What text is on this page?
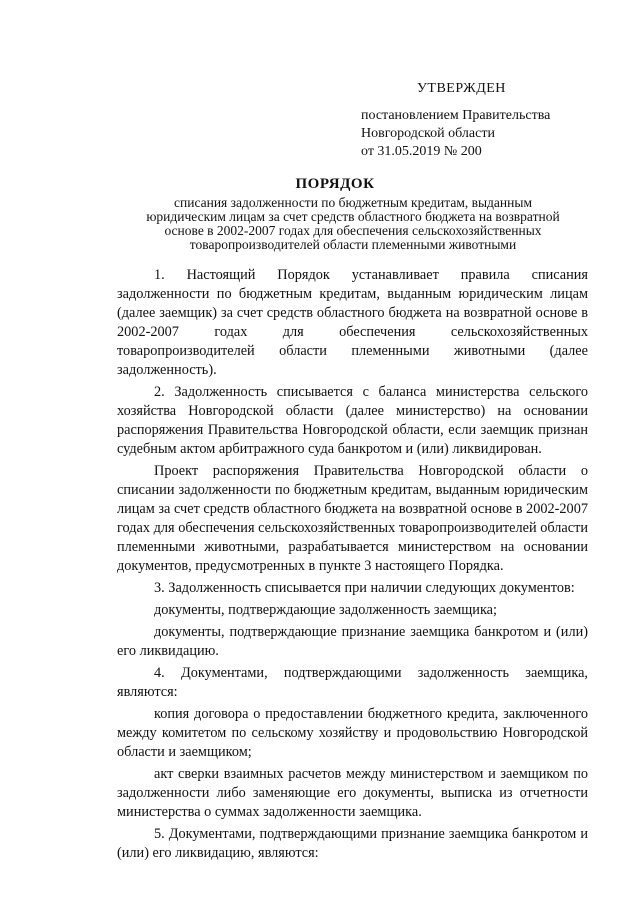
УТВЕРЖДЕН
постановлением Правительства
Новгородской области
от 31.05.2019 № 200
ПОРЯДОК
списания задолженности по бюджетным кредитам, выданным
юридическим лицам за счет средств областного бюджета на возвратной
основе в 2002-2007 годах для обеспечения сельскохозяйственных
товаропроизводителей области племенными животными

1. Настоящий Порядок устанавливает правила списания задолженности по бюджетным кредитам, выданным юридическим лицам (далее заемщик) за счет средств областного бюджета на возвратной основе в 2002-2007 годах для обеспечения сельскохозяйственных товаропроизводителей области племенными животными (далее задолженность).

2. Задолженность списывается с баланса министерства сельского хозяйства Новгородской области (далее министерство) на основании распоряжения Правительства Новгородской области, если заемщик признан судебным актом арбитражного суда банкротом и (или) ликвидирован.

Проект распоряжения Правительства Новгородской области о списании задолженности по бюджетным кредитам, выданным юридическим лицам за счет средств областного бюджета на возвратной основе в 2002-2007 годах для обеспечения сельскохозяйственных товаропроизводителей области племенными животными, разрабатывается министерством на основании документов, предусмотренных в пункте 3 настоящего Порядка.

3. Задолженность списывается при наличии следующих документов:

документы, подтверждающие задолженность заемщика;

документы, подтверждающие признание заемщика банкротом и (или) его ликвидацию.

4. Документами, подтверждающими задолженность заемщика, являются:

копия договора о предоставлении бюджетного кредита, заключенного между комитетом по сельскому хозяйству и продовольствию Новгородской области и заемщиком;

акт сверки взаимных расчетов между министерством и заемщиком по задолженности либо заменяющие его документы, выписка из отчетности министерства о суммах задолженности заемщика.

5. Документами, подтверждающими признание заемщика банкротом и (или) его ликвидацию, являются:
